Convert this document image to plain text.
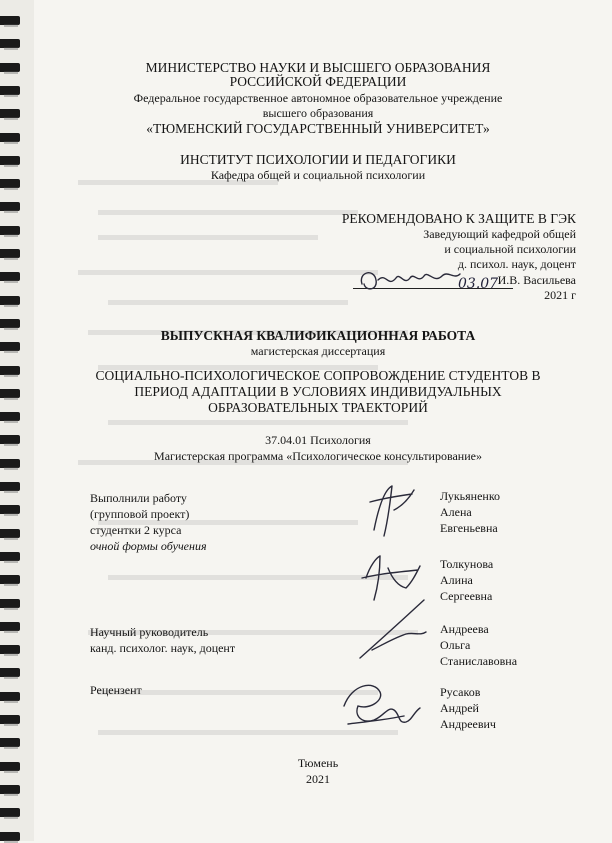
МИНИСТЕРСТВО НАУКИ И ВЫСШЕГО ОБРАЗОВАНИЯ
РОССИЙСКОЙ ФЕДЕРАЦИИ
Федеральное государственное автономное образовательное учреждение
высшего образования
«ТЮМЕНСКИЙ ГОСУДАРСТВЕННЫЙ УНИВЕРСИТЕТ»
ИНСТИТУТ ПСИХОЛОГИИ И ПЕДАГОГИКИ
Кафедра общей и социальной психологии
РЕКОМЕНДОВАНО К ЗАЩИТЕ В ГЭК
Заведующий кафедрой общей
и социальной психологии
д. психол. наук, доцент
И.В. Васильева
03.07
2021 г
ВЫПУСКНАЯ КВАЛИФИКАЦИОННАЯ РАБОТА
магистерская диссертация
СОЦИАЛЬНО-ПСИХОЛОГИЧЕСКОЕ СОПРОВОЖДЕНИЕ СТУДЕНТОВ В
ПЕРИОД АДАПТАЦИИ В УСЛОВИЯХ ИНДИВИДУАЛЬНЫХ
ОБРАЗОВАТЕЛЬНЫХ ТРАЕКТОРИЙ
37.04.01 Психология
Магистерская программа «Психологическое консультирование»
Выполнили работу
(групповой проект)
студентки 2 курса
очной формы обучения
Лукьяненко
Алена
Евгеньевна
Толкунова
Алина
Сергеевна
Научный руководитель
канд. психолог. наук, доцент
Андреева
Ольга
Станиславовна
Рецензент	Русаков
Андрей
Андреевич
Тюмень
2021
